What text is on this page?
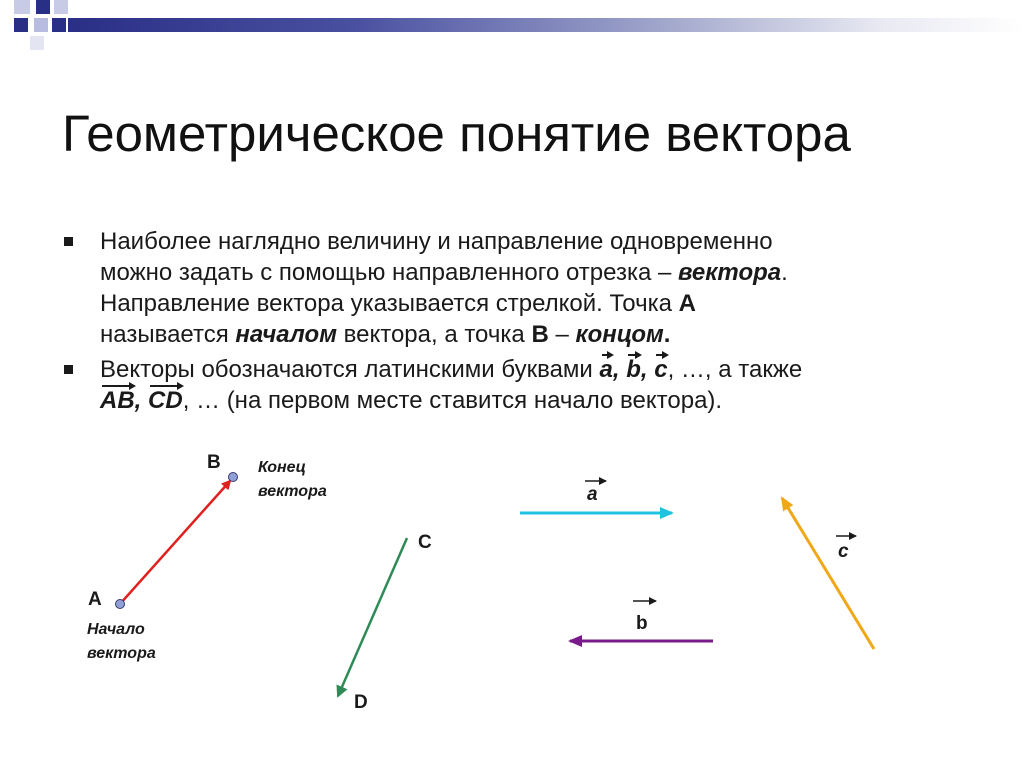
Геометрическое понятие вектора
Наиболее наглядно величину и направление одновременно
можно задать с помощью направленного отрезка – вектора.
Направление вектора указывается стрелкой. Точка A
называется началом вектора, а точка B – концом.
Векторы обозначаются латинскими буквами a, b, c, …, а также
AB, CD, … (на первом месте ставится начало вектора).
B Конец
вектора
A
Начало
вектора
C
D
a
b
c
